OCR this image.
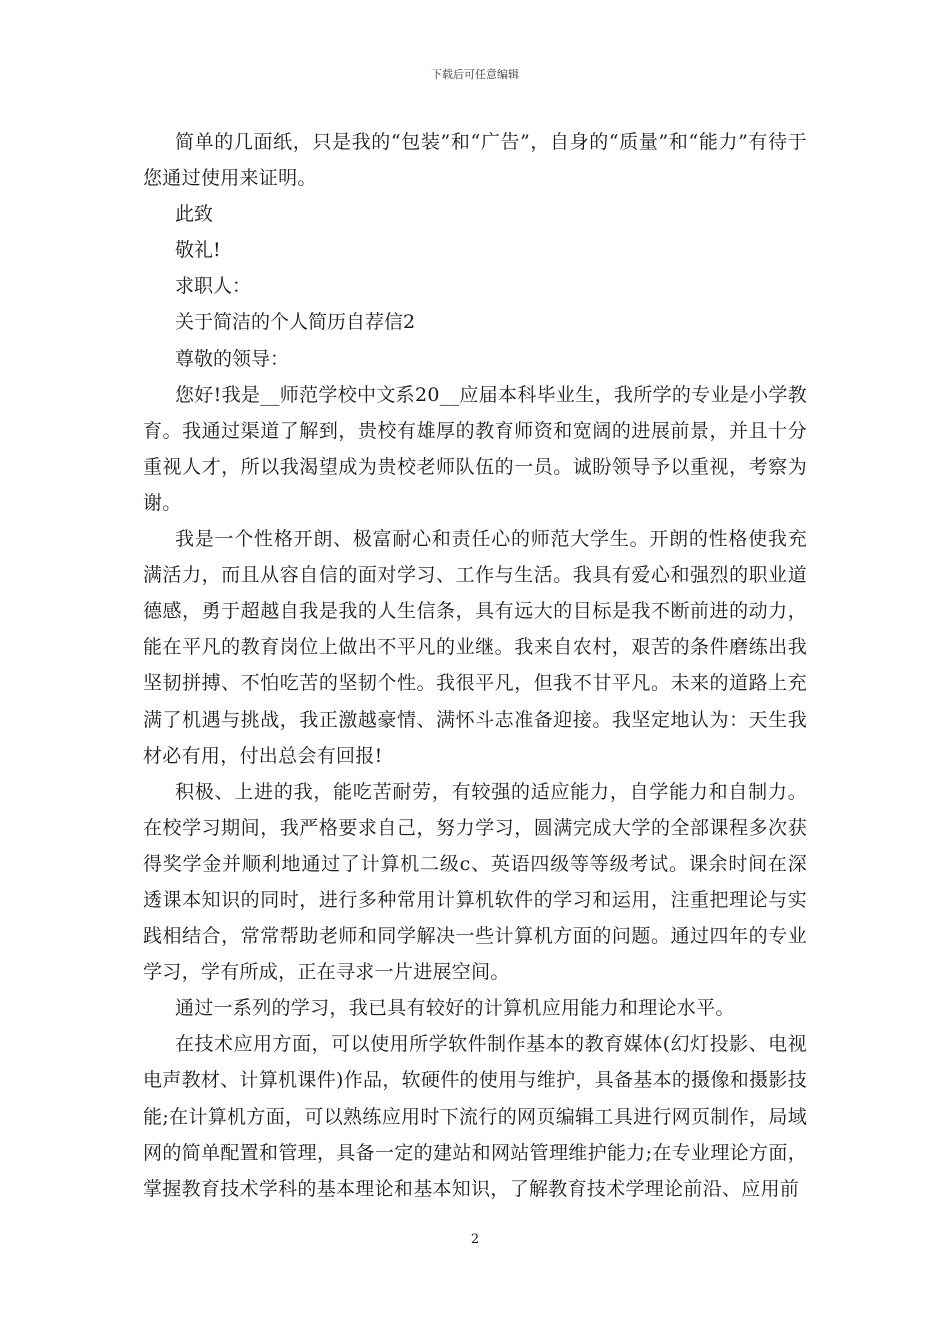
下载后可任意编辑

简单的几面纸，只是我的“包装”和“广告”，自身的“质量”和“能力”有待于您通过使用来证明。

此致

敬礼!

求职人：

关于简洁的个人简历自荐信2

尊敬的领导：

您好!我是__师范学校中文系20__应届本科毕业生，我所学的专业是小学教育。我通过渠道了解到，贵校有雄厚的教育师资和宽阔的进展前景，并且十分重视人才，所以我渴望成为贵校老师队伍的一员。诚盼领导予以重视，考察为谢。

我是一个性格开朗、极富耐心和责任心的师范大学生。开朗的性格使我充满活力，而且从容自信的面对学习、工作与生活。我具有爱心和强烈的职业道德感，勇于超越自我是我的人生信条，具有远大的目标是我不断前进的动力，能在平凡的教育岗位上做出不平凡的业继。我来自农村，艰苦的条件磨练出我坚韧拼搏、不怕吃苦的坚韧个性。我很平凡，但我不甘平凡。未来的道路上充满了机遇与挑战，我正激越豪情、满怀斗志准备迎接。我坚定地认为：天生我材必有用，付出总会有回报!

积极、上进的我，能吃苦耐劳，有较强的适应能力，自学能力和自制力。在校学习期间，我严格要求自己，努力学习，圆满完成大学的全部课程多次获得奖学金并顺利地通过了计算机二级c、英语四级等等级考试。课余时间在深透课本知识的同时，进行多种常用计算机软件的学习和运用，注重把理论与实践相结合，常常帮助老师和同学解决一些计算机方面的问题。通过四年的专业学习，学有所成，正在寻求一片进展空间。

通过一系列的学习，我已具有较好的计算机应用能力和理论水平。

在技术应用方面，可以使用所学软件制作基本的教育媒体(幻灯投影、电视电声教材、计算机课件)作品，软硬件的使用与维护，具备基本的摄像和摄影技能;在计算机方面，可以熟练应用时下流行的网页编辑工具进行网页制作，局域网的简单配置和管理，具备一定的建站和网站管理维护能力;在专业理论方面，掌握教育技术学科的基本理论和基本知识，了解教育技术学理论前沿、应用前

2
